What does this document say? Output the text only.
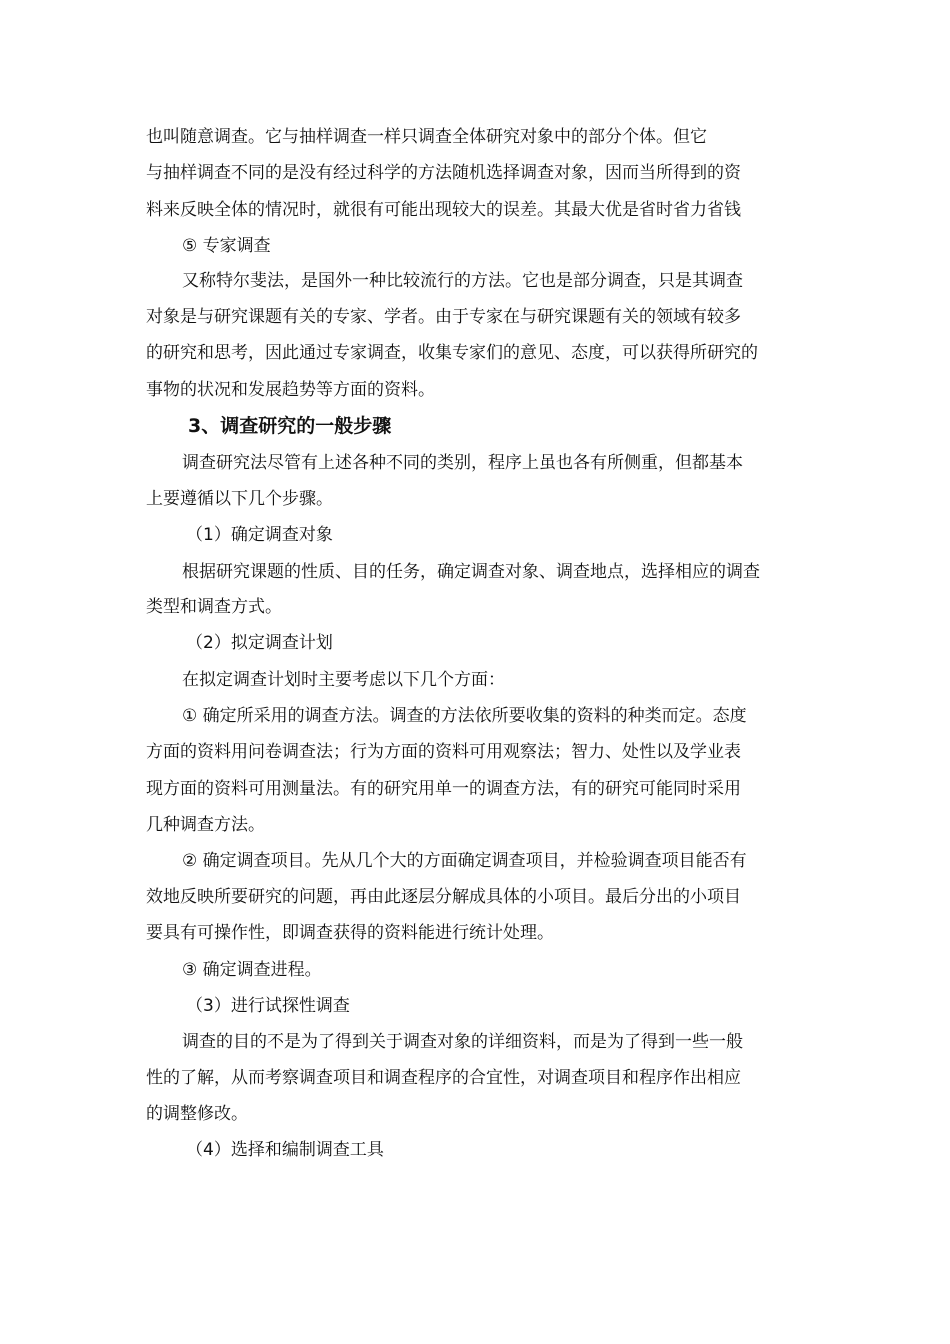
也叫随意调查。它与抽样调查一样只调查全体研究对象中的部分个体。但它
与抽样调查不同的是没有经过科学的方法随机选择调查对象，因而当所得到的资
料来反映全体的情况时，就很有可能出现较大的误差。其最大优是省时省力省钱
⑤ 专家调查
又称特尔斐法，是国外一种比较流行的方法。它也是部分调查，只是其调查
对象是与研究课题有关的专家、学者。由于专家在与研究课题有关的领域有较多
的研究和思考，因此通过专家调查，收集专家们的意见、态度，可以获得所研究的
事物的状况和发展趋势等方面的资料。
3、调查研究的一般步骤
调查研究法尽管有上述各种不同的类别，程序上虽也各有所侧重，但都基本
上要遵循以下几个步骤。
（1）确定调查对象
根据研究课题的性质、目的任务，确定调查对象、调查地点，选择相应的调查
类型和调查方式。
（2）拟定调查计划
在拟定调查计划时主要考虑以下几个方面：
① 确定所采用的调查方法。调查的方法依所要收集的资料的种类而定。态度
方面的资料用问卷调查法；行为方面的资料可用观察法；智力、处性以及学业表
现方面的资料可用测量法。有的研究用单一的调查方法，有的研究可能同时采用
几种调查方法。
② 确定调查项目。先从几个大的方面确定调查项目，并检验调查项目能否有
效地反映所要研究的问题，再由此逐层分解成具体的小项目。最后分出的小项目
要具有可操作性，即调查获得的资料能进行统计处理。
③ 确定调查进程。
（3）进行试探性调查
调查的目的不是为了得到关于调查对象的详细资料，而是为了得到一些一般
性的了解，从而考察调查项目和调查程序的合宜性，对调查项目和程序作出相应
的调整修改。
（4）选择和编制调查工具
